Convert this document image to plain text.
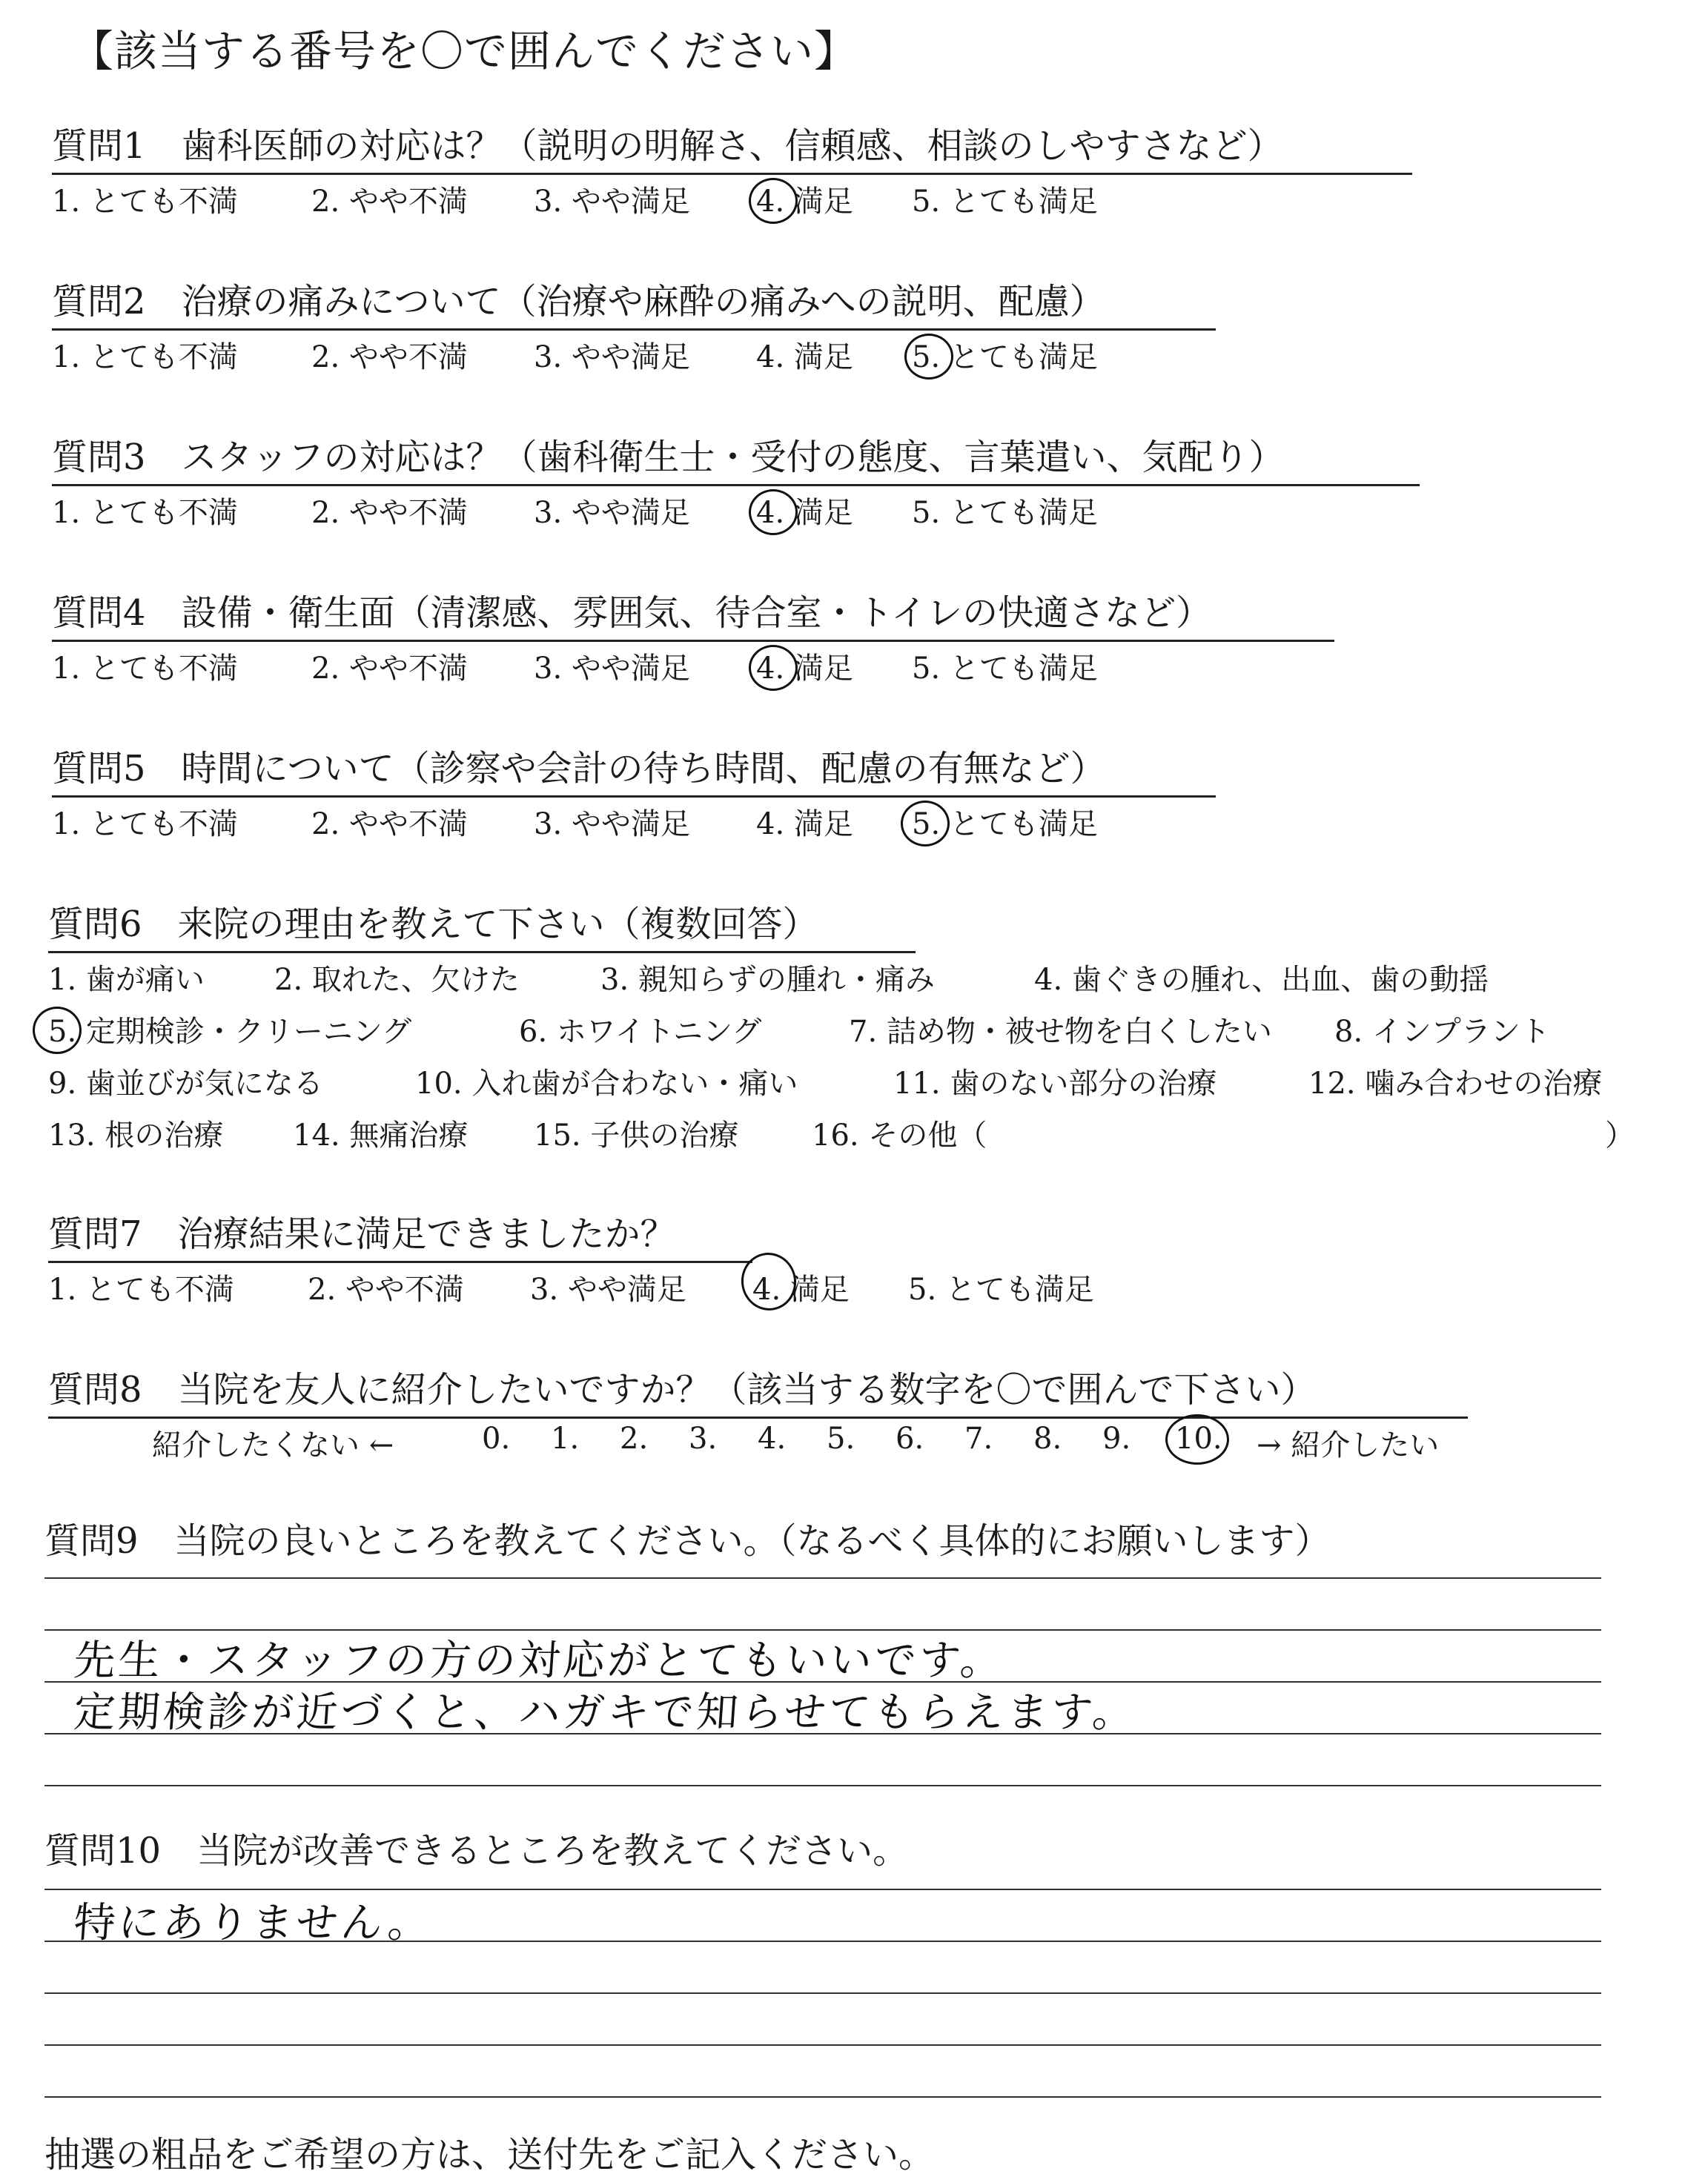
【該当する番号を〇で囲んでください】
質問1　歯科医師の対応は？（説明の明解さ、信頼感、相談のしやすさなど）
1. とても不満 2. やや不満 3. やや満足 4. 満足 5. とても満足
質問2　治療の痛みについて（治療や麻酔の痛みへの説明、配慮）
1. とても不満 2. やや不満 3. やや満足 4. 満足 5. とても満足
質問3　スタッフの対応は？（歯科衛生士・受付の態度、言葉遣い、気配り）
1. とても不満 2. やや不満 3. やや満足 4. 満足 5. とても満足
質問4　設備・衛生面（清潔感、雰囲気、待合室・トイレの快適さなど）
1. とても不満 2. やや不満 3. やや満足 4. 満足 5. とても満足
質問5　時間について（診察や会計の待ち時間、配慮の有無など）
1. とても不満 2. やや不満 3. やや満足 4. 満足 5. とても満足
質問6　来院の理由を教えて下さい（複数回答）
1. 歯が痛い 2. 取れた、欠けた	3. 親知らずの腫れ・痛み	4. 歯ぐきの腫れ、出血、歯の動揺
5. 定期検診・クリーニング	6. ホワイトニング	7. 詰め物・被せ物を白くしたい 8. インプラント
9. 歯並びが気になる	10. 入れ歯が合わない・痛い	11. 歯のない部分の治療	12. 噛み合わせの治療
13. 根の治療 14. 無痛治療 15. 子供の治療 16. その他（	）
質問7　治療結果に満足できましたか？
1. とても不満 2. やや不満 3. やや満足 4. 満足 5. とても満足
質問8　当院を友人に紹介したいですか？（該当する数字を〇で囲んで下さい）
紹介したくない ←	0. 1. 2. 3. 4. 5. 6. 7. 8. 9. 10. → 紹介したい
質問9　当院の良いところを教えてください。（なるべく具体的にお願いします）
先生・スタッフの方の対応がとてもいいです。
定期検診が近づくと、ハガキで知らせてもらえます。
質問10　当院が改善できるところを教えてください。
特にありません。
抽選の粗品をご希望の方は、送付先をご記入ください。
